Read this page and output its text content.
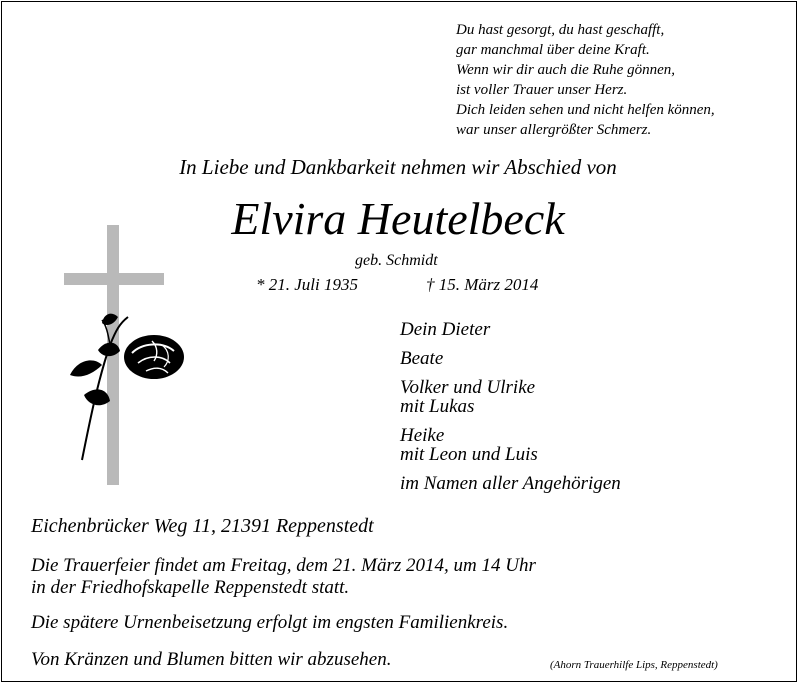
Du hast gesorgt, du hast geschafft,
gar manchmal über deine Kraft.
Wenn wir dir auch die Ruhe gönnen,
ist voller Trauer unser Herz.
Dich leiden sehen und nicht helfen können,
war unser allergrößter Schmerz.
In Liebe und Dankbarkeit nehmen wir Abschied von
Elvira Heutelbeck
geb. Schmidt
* 21. Juli 1935	† 15. März 2014
Dein Dieter
Beate
Volker und Ulrike
mit Lukas
Heike
mit Leon und Luis
im Namen aller Angehörigen
Eichenbrücker Weg 11, 21391 Reppenstedt
Die Trauerfeier findet am Freitag, dem 21. März 2014, um 14 Uhr
in der Friedhofskapelle Reppenstedt statt.
Die spätere Urnenbeisetzung erfolgt im engsten Familienkreis.
Von Kränzen und Blumen bitten wir abzusehen.	(Ahorn Trauerhilfe Lips, Reppenstedt)
